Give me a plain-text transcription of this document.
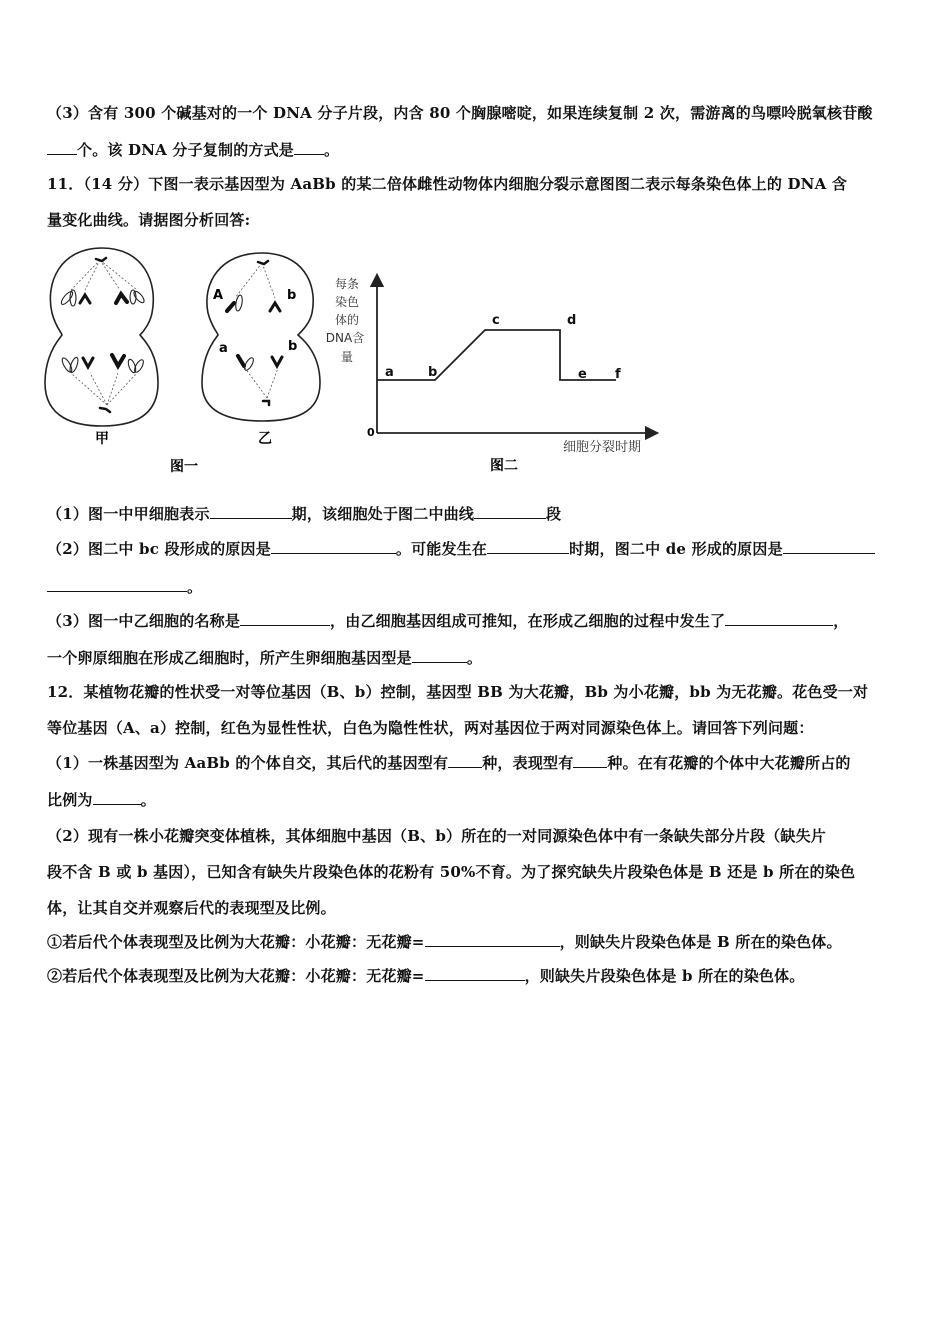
（3）含有 300 个碱基对的一个 DNA 分子片段，内含 80 个胸腺嘧啶，如果连续复制 2 次，需游离的鸟嘌呤脱氧核苷酸
个。该 DNA 分子复制的方式是 。
11．（14 分）下图一表示基因型为 AaBb 的某二倍体雌性动物体内细胞分裂示意图图二表示每条染色体上的 DNA 含
量变化曲线。请据图分析回答:
A	b
a	b
甲	乙
图一
每条
染色
体的
DNA含
量
0
a	b
c	d
e f
细胞分裂时期
图二
（1）图一中甲细胞表示	期，该细胞处于图二中曲线	段
（2）图二中 bc 段形成的原因是	。可能发生在	时期，图二中 de 形成的原因是
。
（3）图一中乙细胞的名称是	，由乙细胞基因组成可推知，在形成乙细胞的过程中发生了	，
一个卵原细胞在形成乙细胞时，所产生卵细胞基因型是	。
12．某植物花瓣的性状受一对等位基因（B、b）控制，基因型 BB 为大花瓣，Bb 为小花瓣，bb 为无花瓣。花色受一对
等位基因（A、a）控制，红色为显性性状，白色为隐性性状，两对基因位于两对同源染色体上。请回答下列问题：
（1）一株基因型为 AaBb 的个体自交，其后代的基因型有 种，表现型有 种。在有花瓣的个体中大花瓣所占的
比例为	。
（2）现有一株小花瓣突变体植株，其体细胞中基因（B、b）所在的一对同源染色体中有一条缺失部分片段（缺失片
段不含 B 或 b 基因），已知含有缺失片段染色体的花粉有 50%不育。为了探究缺失片段染色体是 B 还是 b 所在的染色
体，让其自交并观察后代的表现型及比例。
①若后代个体表现型及比例为大花瓣：小花瓣：无花瓣=	，则缺失片段染色体是 B 所在的染色体。
②若后代个体表现型及比例为大花瓣：小花瓣：无花瓣=	，则缺失片段染色体是 b 所在的染色体。
